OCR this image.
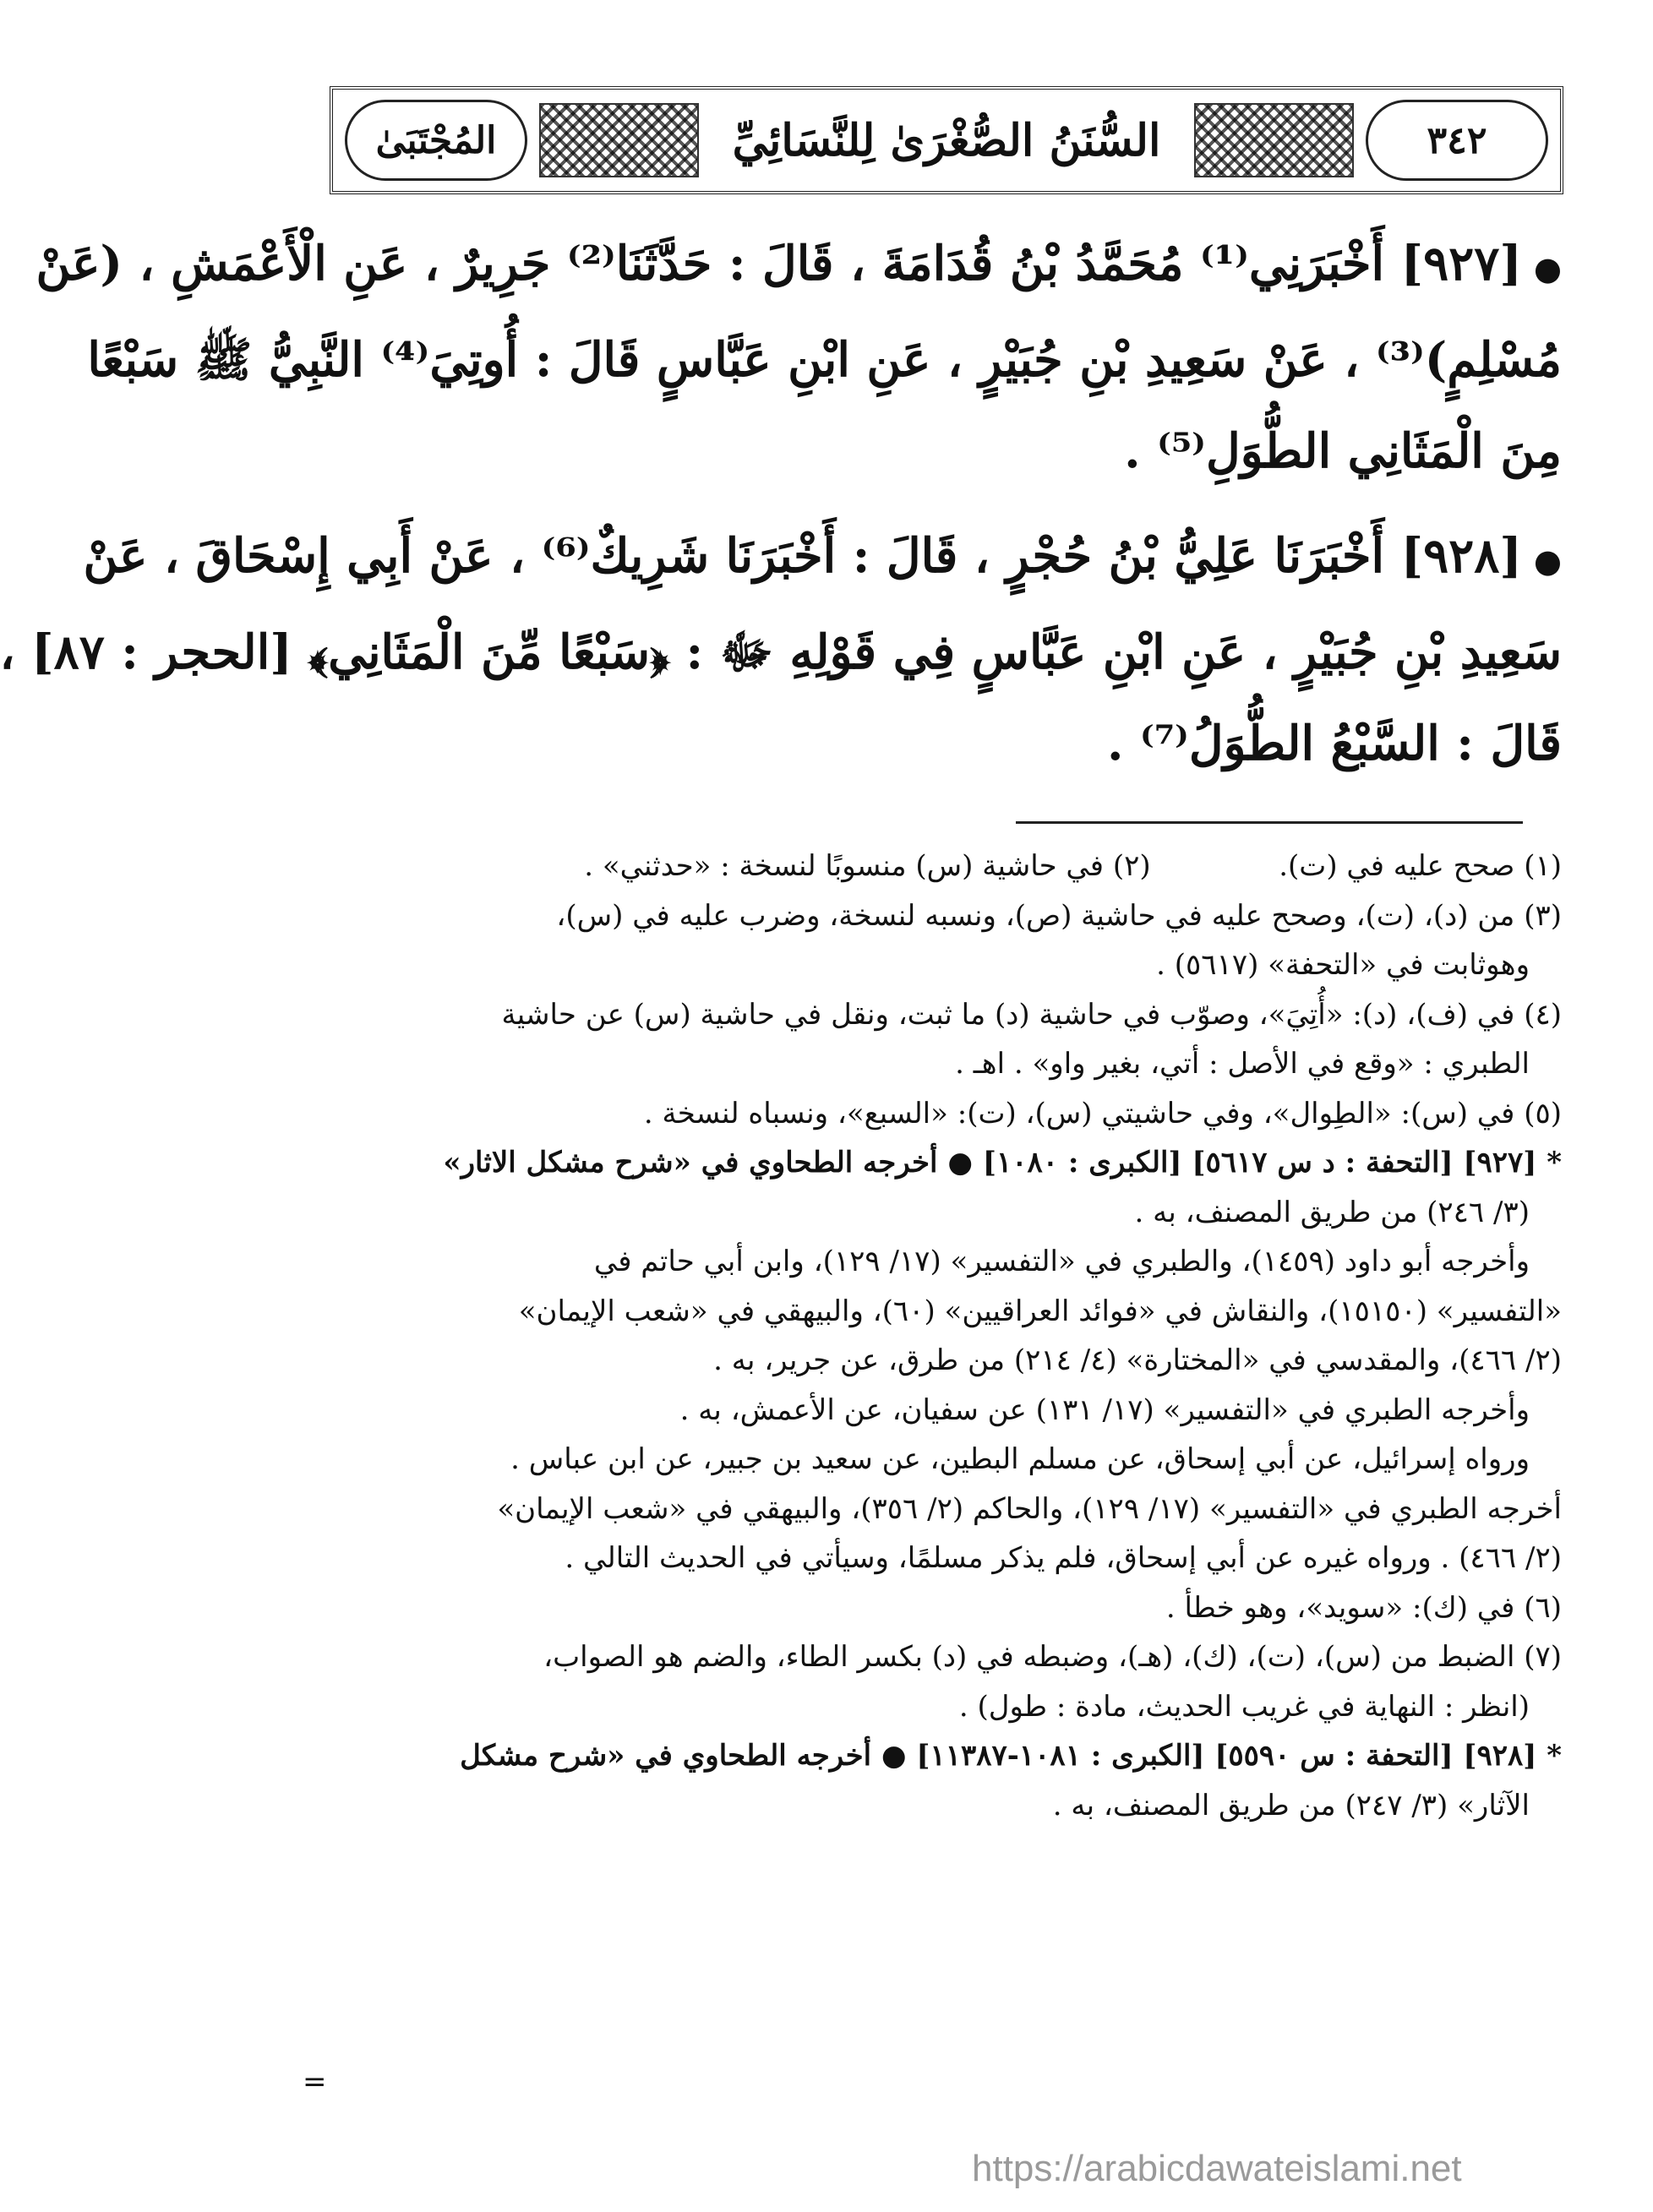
٣٤٢
السُّنَنُ الصُّغْرَىٰ لِلنَّسَائِيِّ
المُجْتَبَىٰ
●[٩٢٧] أَخْبَرَنِي⁽¹⁾ مُحَمَّدُ بْنُ قُدَامَةَ ، قَالَ : حَدَّثَنَا⁽²⁾ جَرِيرٌ ، عَنِ الْأَعْمَشِ ، (عَنْ
مُسْلِمٍ)⁽³⁾ ، عَنْ سَعِيدِ بْنِ جُبَيْرٍ ، عَنِ ابْنِ عَبَّاسٍ قَالَ : أُوتِيَ⁽⁴⁾ النَّبِيُّ ﷺ سَبْعًا
مِنَ الْمَثَانِي الطُّوَلِ⁽⁵⁾ .
●[٩٢٨] أَخْبَرَنَا عَلِيُّ بْنُ حُجْرٍ ، قَالَ : أَخْبَرَنَا شَرِيكٌ⁽⁶⁾ ، عَنْ أَبِي إِسْحَاقَ ، عَنْ
سَعِيدِ بْنِ جُبَيْرٍ ، عَنِ ابْنِ عَبَّاسٍ فِي قَوْلِهِ ﷻ : ﴿سَبْعًا مِّنَ الْمَثَانِي﴾ [الحجر : ٨٧] ،
قَالَ : السَّبْعُ الطُّوَلُ⁽⁷⁾ .
(١) صحح عليه في (ت).  (٢) في حاشية (س) منسوبًا لنسخة : «حدثني» .
(٣) من (د)، (ت)، وصحح عليه في حاشية (ص)، ونسبه لنسخة، وضرب عليه في (س)،
وهوثابت في «التحفة» (٥٦١٧) .
(٤) في (ف)، (د): «أُتِيَ»، وصوّب في حاشية (د) ما ثبت، ونقل في حاشية (س) عن حاشية
الطبري : «وقع في الأصل : أتي، بغير واو» . اهـ .
(٥) في (س): «الطِوال»، وفي حاشيتي (س)، (ت): «السبع»، ونسباه لنسخة .
* [٩٢٧] [التحفة : د س ٥٦١٧] [الكبرى : ١٠٨٠] ● أخرجه الطحاوي في «شرح مشكل الاثار»
(٣/ ٢٤٦) من طريق المصنف، به .
وأخرجه أبو داود (١٤٥٩)، والطبري في «التفسير» (١٧/ ١٢٩)، وابن أبي حاتم في
«التفسير» (١٥١٥٠)، والنقاش في «فوائد العراقيين» (٦٠)، والبيهقي في «شعب الإيمان»
(٢/ ٤٦٦)، والمقدسي في «المختارة» (٤/ ٢١٤) من طرق، عن جرير، به .
وأخرجه الطبري في «التفسير» (١٧/ ١٣١) عن سفيان، عن الأعمش، به .
ورواه إسرائيل، عن أبي إسحاق، عن مسلم البطين، عن سعيد بن جبير، عن ابن عباس .
أخرجه الطبري في «التفسير» (١٧/ ١٢٩)، والحاكم (٢/ ٣٥٦)، والبيهقي في «شعب الإيمان»
(٢/ ٤٦٦) . ورواه غيره عن أبي إسحاق، فلم يذكر مسلمًا، وسيأتي في الحديث التالي .
(٦) في (ك): «سويد»، وهو خطأ .
(٧) الضبط من (س)، (ت)، (ك)، (هـ)، وضبطه في (د) بكسر الطاء، والضم هو الصواب،
(انظر : النهاية في غريب الحديث، مادة : طول) .
* [٩٢٨] [التحفة : س ٥٥٩٠] [الكبرى : ١٠٨١-١١٣٨٧] ● أخرجه الطحاوي في «شرح مشكل
الآثار» (٣/ ٢٤٧) من طريق المصنف، به .
=
https://arabicdawateislami.net
